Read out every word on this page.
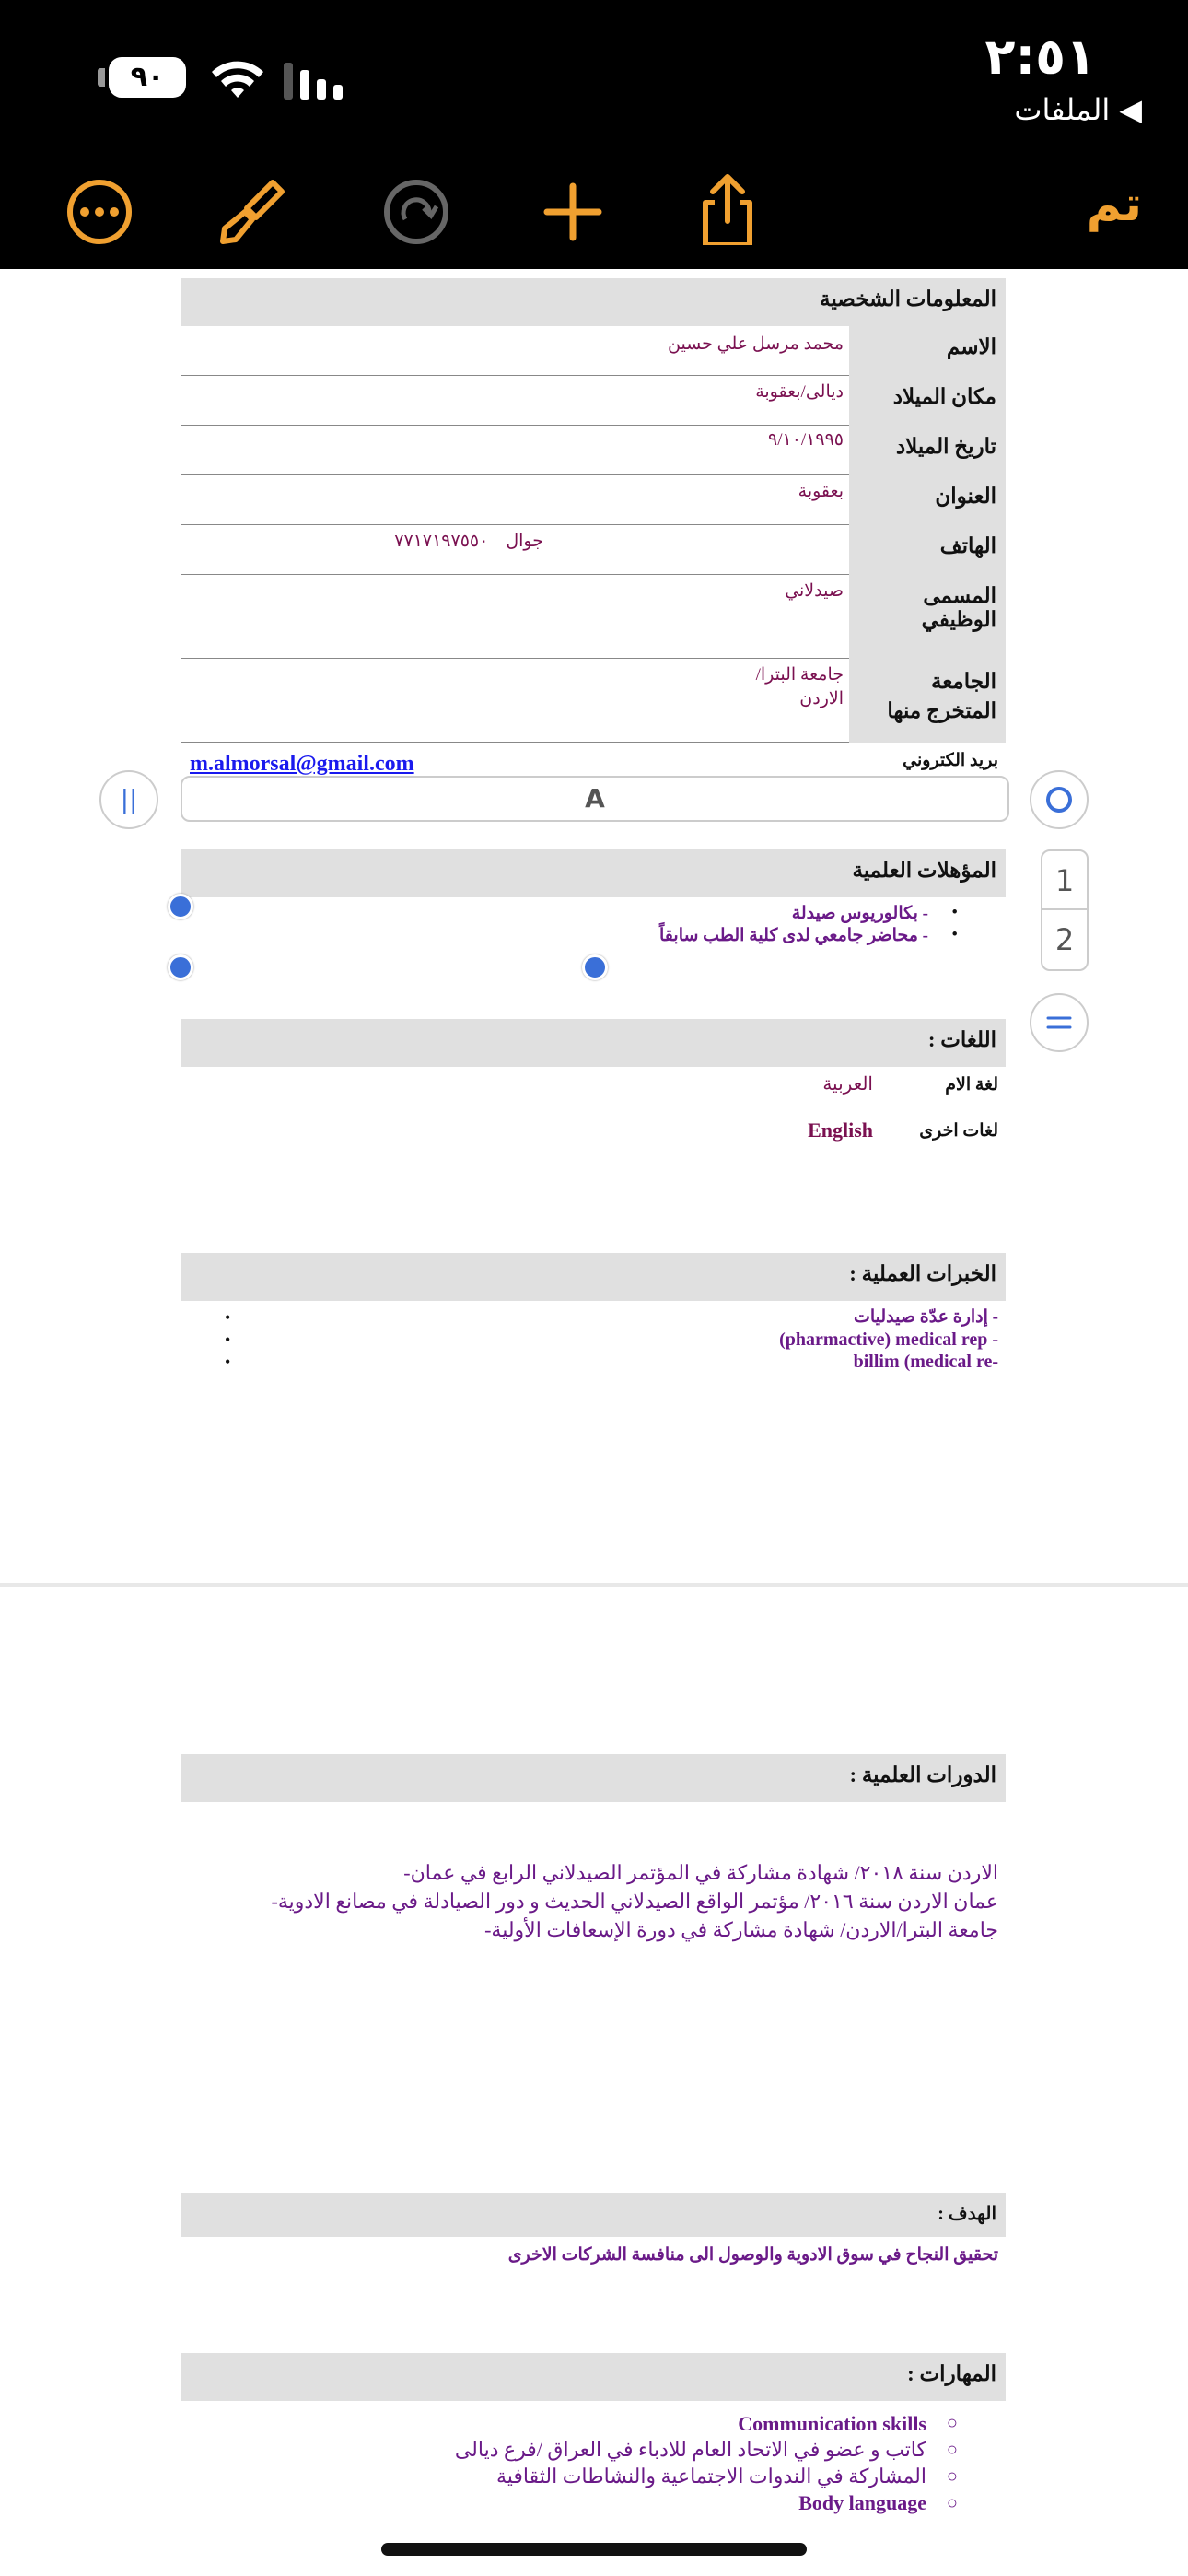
٢:٥١
٩٠
◀ الملفات
تم
المعلومات الشخصية
الاسم
محمد مرسل علي حسين
مكان الميلاد
ديالى/بعقوبة
تاريخ الميلاد
٩/١٠/١٩٩٥
العنوان
بعقوبة
الهاتف
جوال    ٧٧١٧١٩٧٥٥٠
المسمى الوظيفي
صيدلاني
الجامعة المتخرج منها
جامعة البترا/ الاردن
بريد الكتروني
m.almorsal@gmail.com
A
||
1
2
المؤهلات العلمية
- بكالوريوس صيدلة •
- محاضر جامعي لدى كلية الطب سابقاً •
اللغات :
لغة الام
العربية
لغات اخرى
English
الخبرات العملية :
- إدارة عدّة صيدليات
(pharmactive) medical rep -
billim (medical re-
•
•
•
الدورات العلمية :
الاردن سنة ٢٠١٨/ شهادة مشاركة في المؤتمر الصيدلاني الرابع في عمان-
عمان الاردن سنة ٢٠١٦/ مؤتمر الواقع الصيدلاني الحديث و دور الصيادلة في مصانع الادوية-
جامعة البترا/الاردن/ شهادة مشاركة في دورة الإسعافات الأولية-
الهدف :
تحقيق النجاح في سوق الادوية والوصول الى منافسة الشركات الاخرى
المهارات :
Communication skills
كاتب و عضو في الاتحاد العام للادباء في العراق /فرع ديالى
المشاركة في الندوات الاجتماعية والنشاطات الثقافية
Body language
○
○
○
○
